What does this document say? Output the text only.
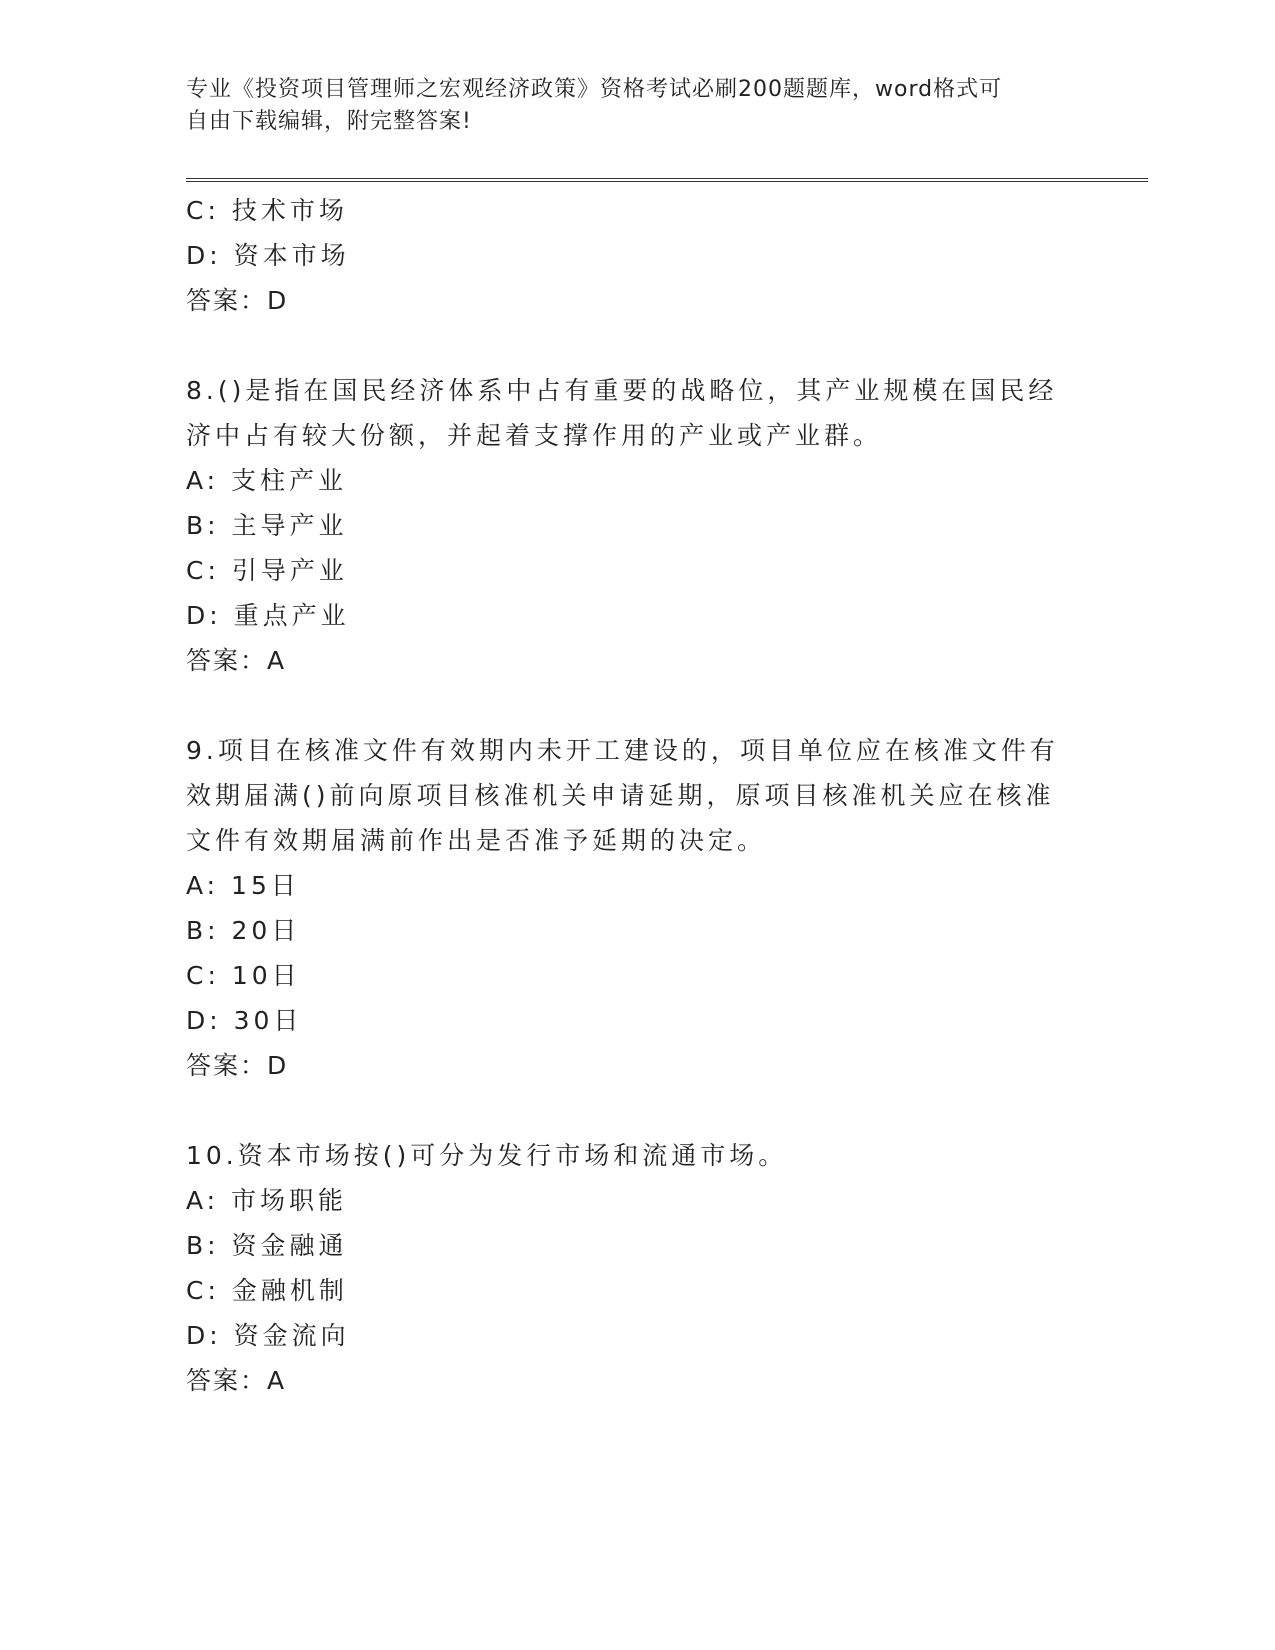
专业《投资项目管理师之宏观经济政策》资格考试必刷200题题库，word格式可
自由下载编辑，附完整答案!
C: 技术市场
D: 资本市场
答案：D
8.()是指在国民经济体系中占有重要的战略位，其产业规模在国民经
济中占有较大份额，并起着支撑作用的产业或产业群。
A: 支柱产业
B: 主导产业
C: 引导产业
D: 重点产业
答案：A
9.项目在核准文件有效期内未开工建设的，项目单位应在核准文件有
效期届满()前向原项目核准机关申请延期，原项目核准机关应在核准
文件有效期届满前作出是否准予延期的决定。
A: 15日
B: 20日
C: 10日
D: 30日
答案：D
10.资本市场按()可分为发行市场和流通市场。
A: 市场职能
B: 资金融通
C: 金融机制
D: 资金流向
答案：A
